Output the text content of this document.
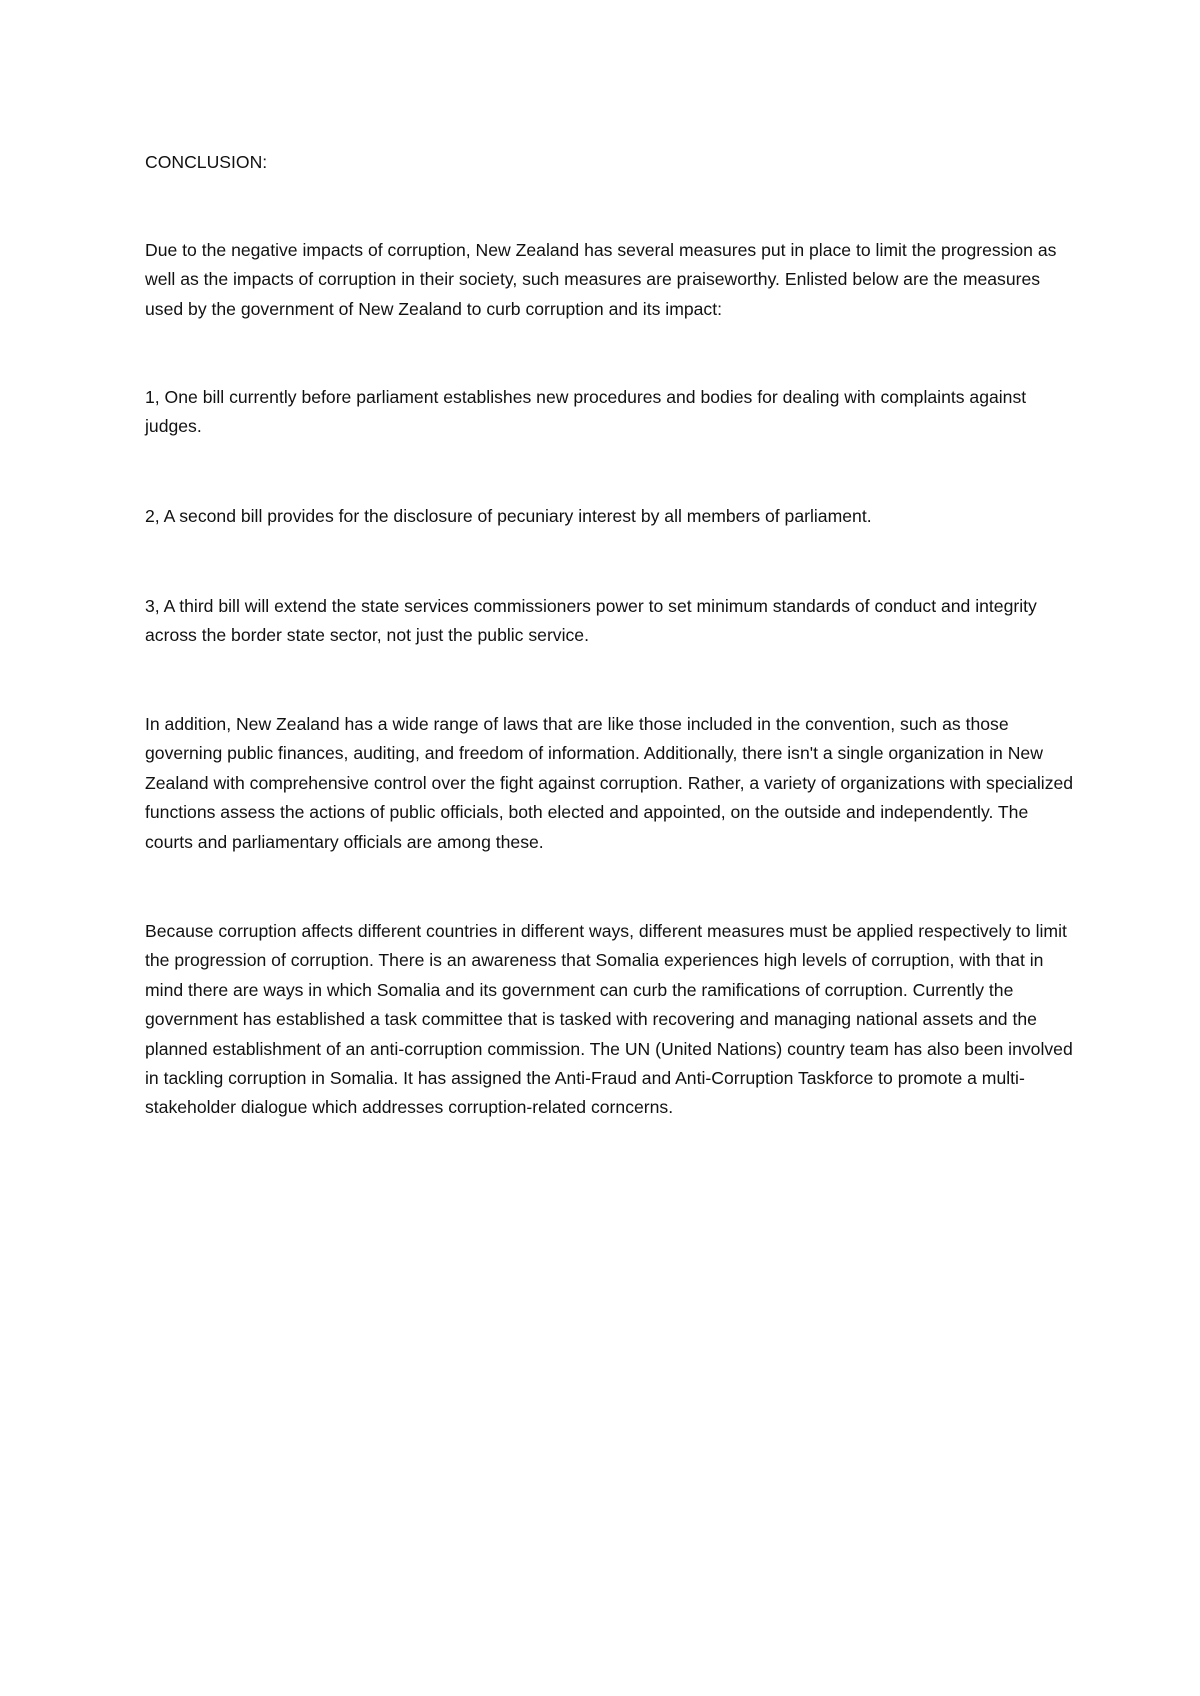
CONCLUSION:

Due to the negative impacts of corruption, New Zealand has several measures put in place to limit the progression as well as the impacts of corruption in their society, such measures are praiseworthy. Enlisted below are the measures used by the government of New Zealand to curb corruption and its impact:

1, One bill currently before parliament establishes new procedures and bodies for dealing with complaints against judges.

2, A second bill provides for the disclosure of pecuniary interest by all members of parliament.

3, A third bill will extend the state services commissioners power to set minimum standards of conduct and integrity across the border state sector, not just the public service.

In addition, New Zealand has a wide range of laws that are like those included in the convention, such as those governing public finances, auditing, and freedom of information. Additionally, there isn't a single organization in New Zealand with comprehensive control over the fight against corruption. Rather, a variety of organizations with specialized functions assess the actions of public officials, both elected and appointed, on the outside and independently. The courts and parliamentary officials are among these.

Because corruption affects different countries in different ways, different measures must be applied respectively to limit the progression of corruption. There is an awareness that Somalia experiences high levels of corruption, with that in mind there are ways in which Somalia and its government can curb the ramifications of corruption. Currently the government has established a task committee that is tasked with recovering and managing national assets and the planned establishment of an anti-corruption commission. The UN (United Nations) country team has also been involved in tackling corruption in Somalia. It has assigned the Anti-Fraud and Anti-Corruption Taskforce to promote a multi-stakeholder dialogue which addresses corruption-related corncerns.
